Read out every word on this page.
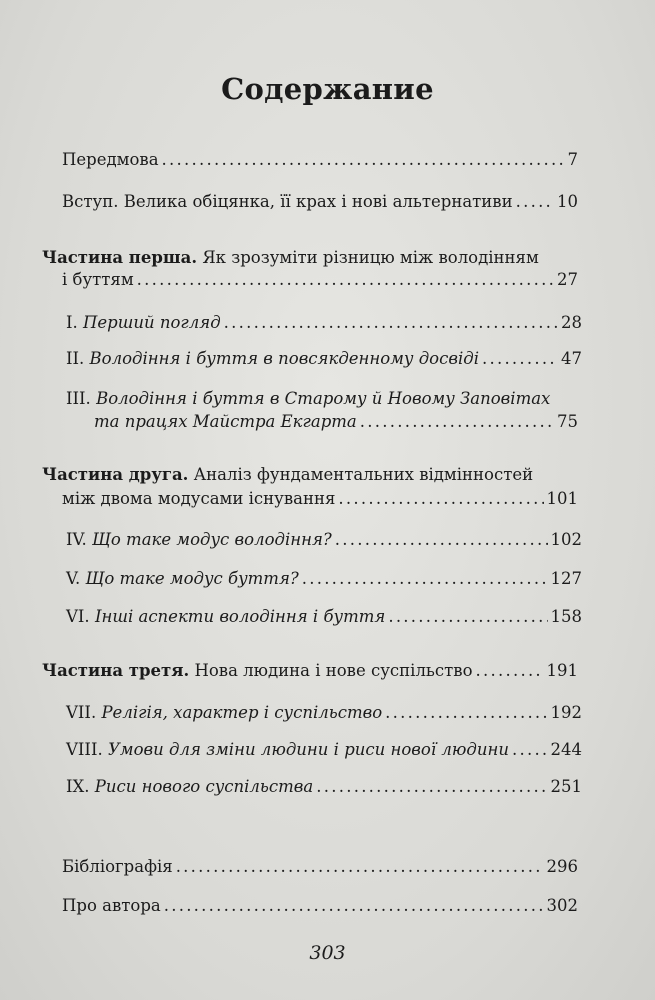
Содержание
Передмова . . .	7
Вступ. Велика обіцянка, її крах і нові альтернативи . . .	10
Частина перша. Як зрозуміти різницю між володінням
і буттям . . .	27
I. Перший погляд . . .	28
II. Володіння і буття в повсякденному досвіді . . .	47
III. Володіння і буття в Старому й Новому Заповітах
та працях Майстра Екгарта . . .	75
Частина друга. Аналіз фундаментальних відмінностей
між двома модусами існування . . .	101
IV. Що таке модус володіння? . . .	102
V. Що таке модус буття? . . .	127
VI. Інші аспекти володіння і буття . . .	158
Частина третя. Нова людина і нове суспільство . . .	191
VII. Релігія, характер і суспільство . . .	192
VIII. Умови для зміни людини і риси нової людини . . .	244
IX. Риси нового суспільства . . .	251
Бібліографія . . .	296
Про автора . . .	302
303
